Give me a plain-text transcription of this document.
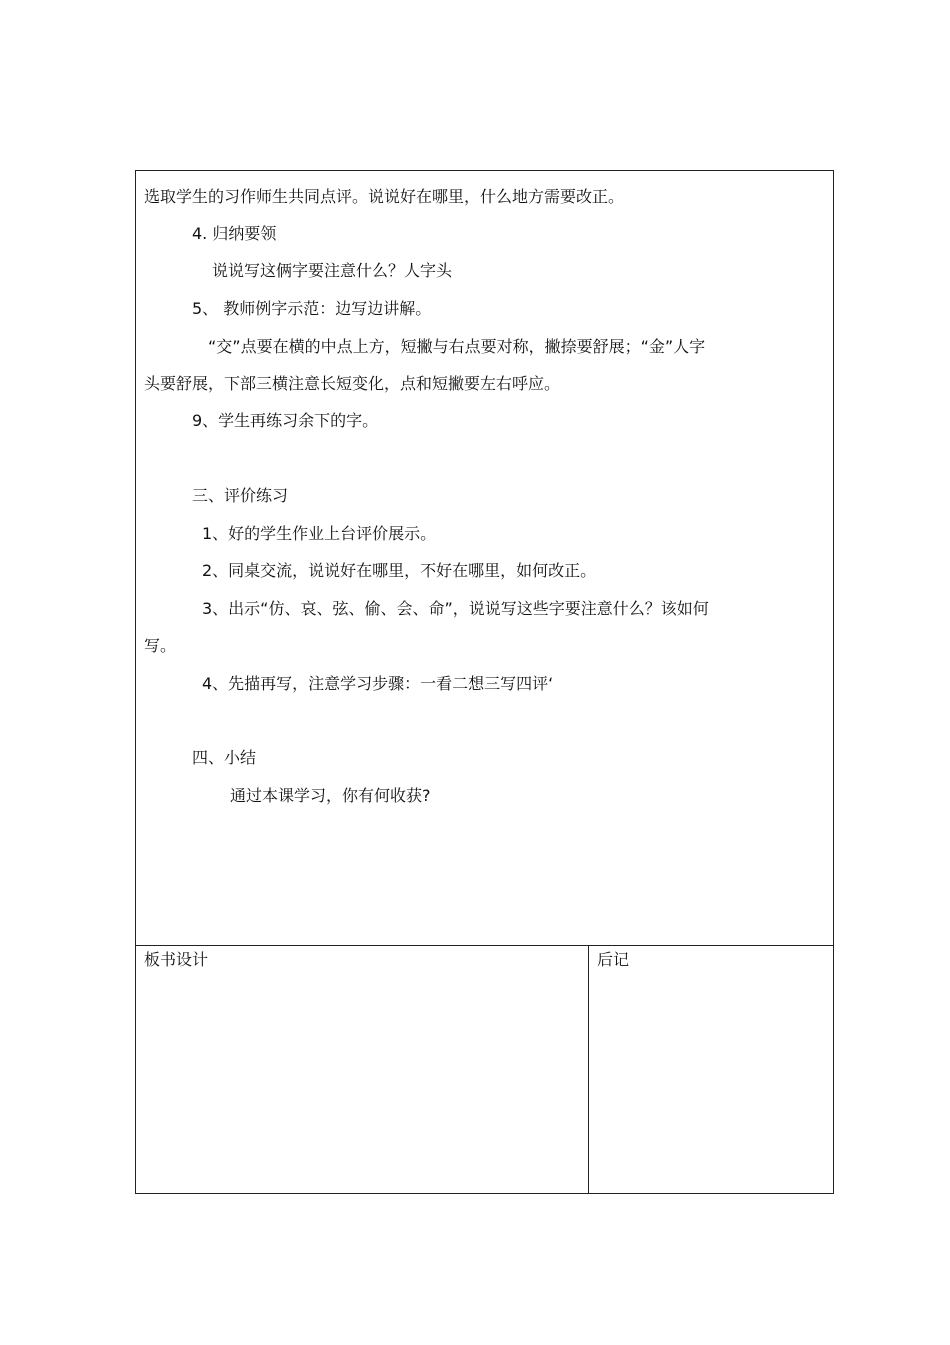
选取学生的习作师生共同点评。说说好在哪里，什么地方需要改正。
4. 归纳要领
说说写这俩字要注意什么？人字头
5、 教师例字示范：边写边讲解。
“交”点要在横的中点上方，短撇与右点要对称，撇捺要舒展；“金”人字
头要舒展，下部三横注意长短变化，点和短撇要左右呼应。
9、学生再练习余下的字。
三、评价练习
1、好的学生作业上台评价展示。
2、同桌交流，说说好在哪里，不好在哪里，如何改正。
3、出示“仿、哀、弦、偷、会、命”，说说写这些字要注意什么？该如何
写。
4、先描再写，注意学习步骤：一看二想三写四评‘
四、小结
通过本课学习，你有何收获?
板书设计	后记
